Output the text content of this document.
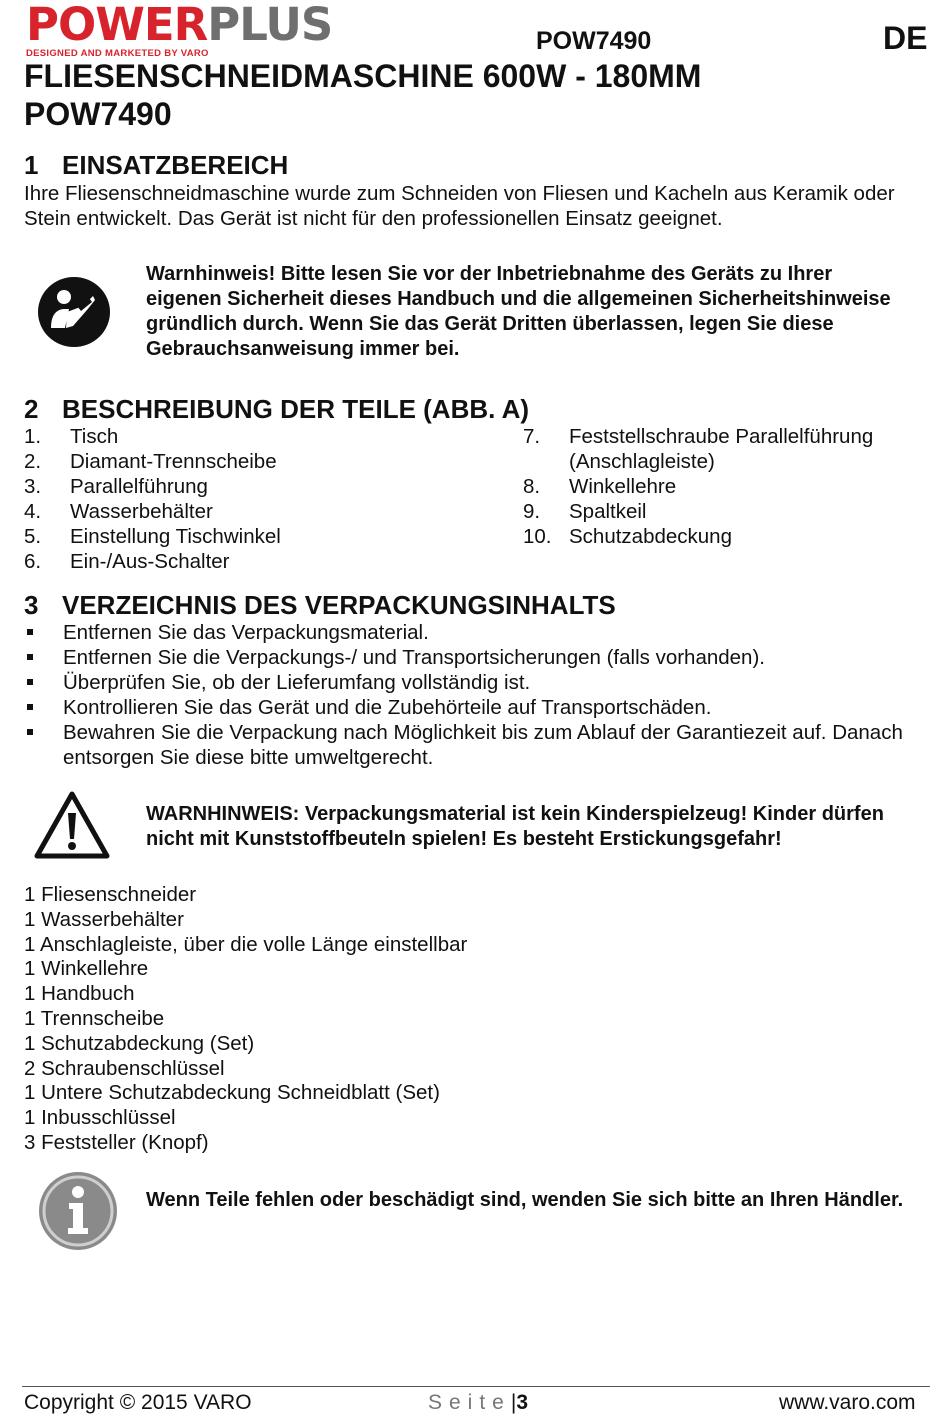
POWERPLUS
DESIGNED AND MARKETED BY VARO	POW7490	DE
FLIESENSCHNEIDMASCHINE 600W - 180MM
POW7490
1 EINSATZBEREICH
Ihre Fliesenschneidmaschine wurde zum Schneiden von Fliesen und Kacheln aus Keramik oder Stein entwickelt. Das Gerät ist nicht für den professionellen Einsatz geeignet.
Warnhinweis! Bitte lesen Sie vor der Inbetriebnahme des Geräts zu Ihrer eigenen Sicherheit dieses Handbuch und die allgemeinen Sicherheitshinweise gründlich durch. Wenn Sie das Gerät Dritten überlassen, legen Sie diese Gebrauchsanweisung immer bei.
2 BESCHREIBUNG DER TEILE (ABB. A)
1. Tisch
2. Diamant-Trennscheibe
3. Parallelführung
4. Wasserbehälter
5. Einstellung Tischwinkel
6. Ein-/Aus-Schalter
7. Feststellschraube Parallelführung
(Anschlagleiste)
8. Winkellehre
9. Spaltkeil
10. Schutzabdeckung
3 VERZEICHNIS DES VERPACKUNGSINHALTS
Entfernen Sie das Verpackungsmaterial.
Entfernen Sie die Verpackungs-/ und Transportsicherungen (falls vorhanden).
Überprüfen Sie, ob der Lieferumfang vollständig ist.
Kontrollieren Sie das Gerät und die Zubehörteile auf Transportschäden.
Bewahren Sie die Verpackung nach Möglichkeit bis zum Ablauf der Garantiezeit auf. Danach entsorgen Sie diese bitte umweltgerecht.
WARNHINWEIS: Verpackungsmaterial ist kein Kinderspielzeug! Kinder dürfen nicht mit Kunststoffbeuteln spielen! Es besteht Erstickungsgefahr!
1 Fliesenschneider
1 Wasserbehälter
1 Anschlagleiste, über die volle Länge einstellbar
1 Winkellehre
1 Handbuch
1 Trennscheibe
1 Schutzabdeckung (Set)
2 Schraubenschlüssel
1 Untere Schutzabdeckung Schneidblatt (Set)
1 Inbusschlüssel
3 Feststeller (Knopf)
Wenn Teile fehlen oder beschädigt sind, wenden Sie sich bitte an Ihren Händler.
Copyright © 2015 VARO	Seite|3	www.varo.com
